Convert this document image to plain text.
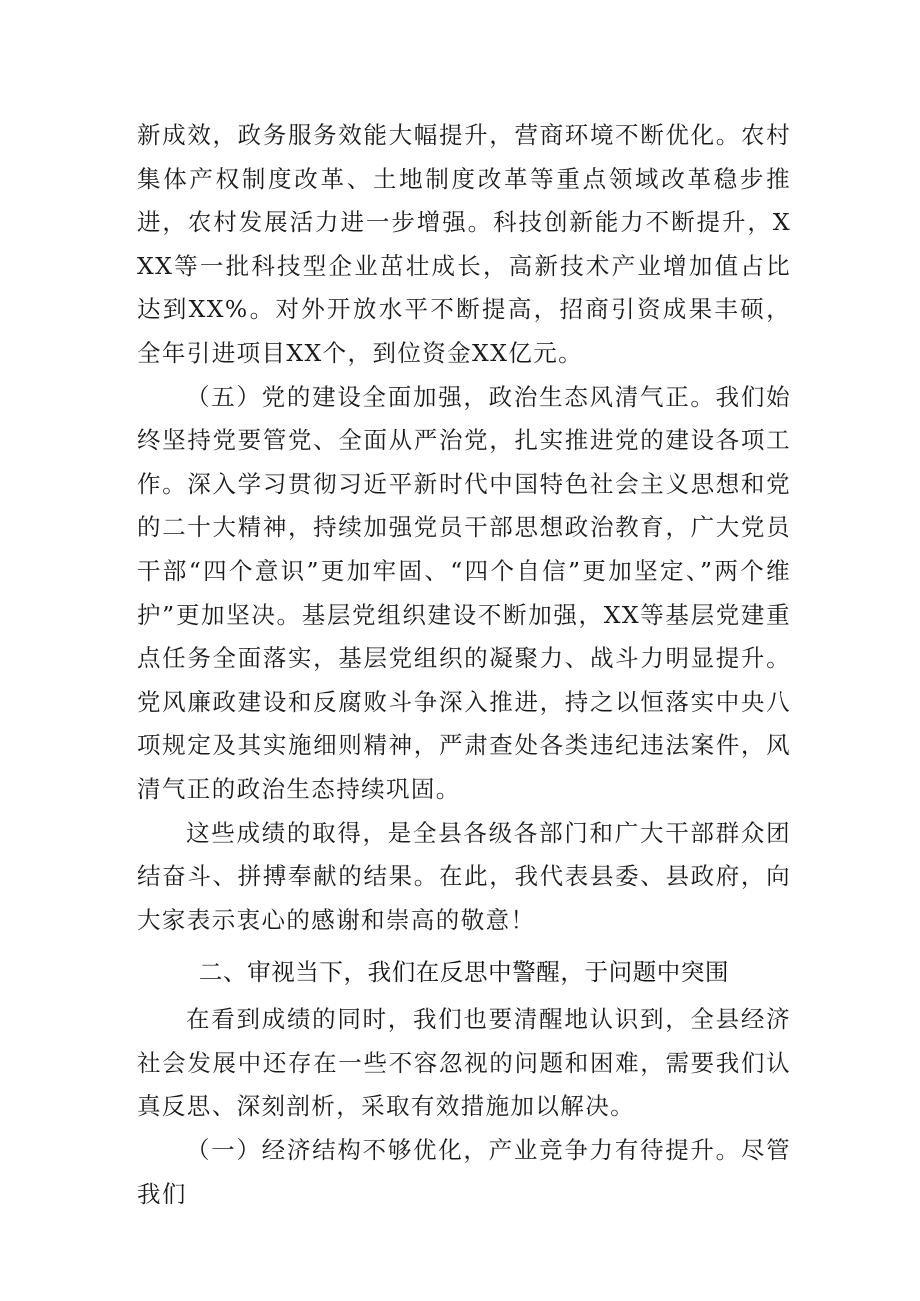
新成效，政务服务效能大幅提升，营商环境不断优化。农村集体产权制度改革、土地制度改革等重点领域改革稳步推进，农村发展活力进一步增强。科技创新能力不断提升，XXX等一批科技型企业茁壮成长，高新技术产业增加值占比达到XX%。对外开放水平不断提高，招商引资成果丰硕，全年引进项目XX个，到位资金XX亿元。

（五）党的建设全面加强，政治生态风清气正。我们始终坚持党要管党、全面从严治党，扎实推进党的建设各项工作。深入学习贯彻习近平新时代中国特色社会主义思想和党的二十大精神，持续加强党员干部思想政治教育，广大党员干部“四个意识”更加牢固、“四个自信”更加坚定、”两个维护”更加坚决。基层党组织建设不断加强，XX等基层党建重点任务全面落实，基层党组织的凝聚力、战斗力明显提升。党风廉政建设和反腐败斗争深入推进，持之以恒落实中央八项规定及其实施细则精神，严肃查处各类违纪违法案件，风清气正的政治生态持续巩固。

这些成绩的取得，是全县各级各部门和广大干部群众团结奋斗、拼搏奉献的结果。在此，我代表县委、县政府，向大家表示衷心的感谢和崇高的敬意！

二、审视当下，我们在反思中警醒，于问题中突围

在看到成绩的同时，我们也要清醒地认识到，全县经济社会发展中还存在一些不容忽视的问题和困难，需要我们认真反思、深刻剖析，采取有效措施加以解决。

（一）经济结构不够优化，产业竞争力有待提升。尽管我们
